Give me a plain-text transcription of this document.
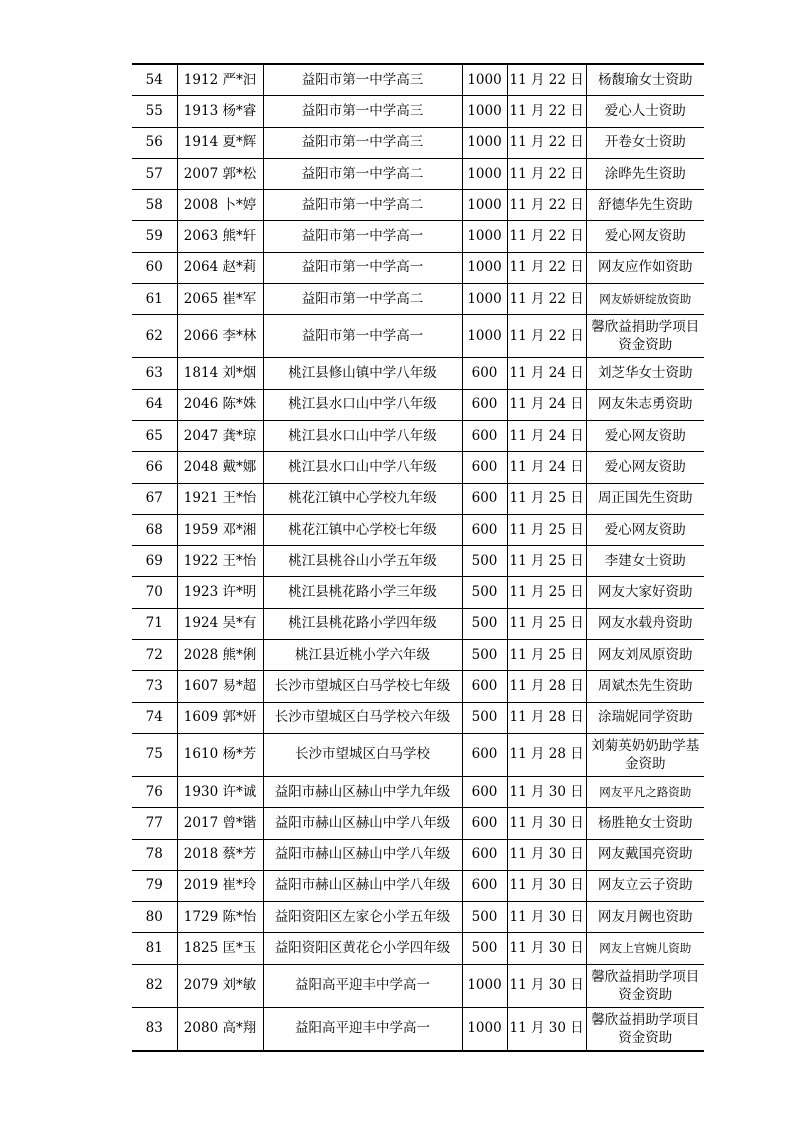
54	1912 严*汩	益阳市第一中学高三	1000	11 月 22 日	杨馥瑜女士资助
55	1913 杨*睿	益阳市第一中学高三	1000	11 月 22 日	爱心人士资助
56	1914 夏*辉	益阳市第一中学高三	1000	11 月 22 日	开卷女士资助
57	2007 郭*松	益阳市第一中学高二	1000	11 月 22 日	涂晔先生资助
58	2008 卜*婷	益阳市第一中学高二	1000	11 月 22 日	舒德华先生资助
59	2063 熊*轩	益阳市第一中学高一	1000	11 月 22 日	爱心网友资助
60	2064 赵*莉	益阳市第一中学高一	1000	11 月 22 日	网友应作如资助
61	2065 崔*军	益阳市第一中学高二	1000	11 月 22 日	网友娇妍绽放资助
62	2066 李*林	益阳市第一中学高一	1000	11 月 22 日	馨欣益捐助学项目资金资助
63	1814 刘*烟	桃江县修山镇中学八年级	600	11 月 24 日	刘芝华女士资助
64	2046 陈*姝	桃江县水口山中学八年级	600	11 月 24 日	网友朱志勇资助
65	2047 龚*琼	桃江县水口山中学八年级	600	11 月 24 日	爱心网友资助
66	2048 戴*娜	桃江县水口山中学八年级	600	11 月 24 日	爱心网友资助
67	1921 王*怡	桃花江镇中心学校九年级	600	11 月 25 日	周正国先生资助
68	1959 邓*湘	桃花江镇中心学校七年级	600	11 月 25 日	爱心网友资助
69	1922 王*怡	桃江县桃谷山小学五年级	500	11 月 25 日	李建女士资助
70	1923 许*明	桃江县桃花路小学三年级	500	11 月 25 日	网友大家好资助
71	1924 吴*有	桃江县桃花路小学四年级	500	11 月 25 日	网友水载舟资助
72	2028 熊*俐	桃江县近桃小学六年级	500	11 月 25 日	网友刘凤原资助
73	1607 易*超	长沙市望城区白马学校七年级	600	11 月 28 日	周斌杰先生资助
74	1609 郭*妍	长沙市望城区白马学校六年级	500	11 月 28 日	涂瑞妮同学资助
75	1610 杨*芳	长沙市望城区白马学校	600	11 月 28 日	刘菊英奶奶助学基金资助
76	1930 许*诚	益阳市赫山区赫山中学九年级	600	11 月 30 日	网友平凡之路资助
77	2017 曾*锴	益阳市赫山区赫山中学八年级	600	11 月 30 日	杨胜艳女士资助
78	2018 蔡*芳	益阳市赫山区赫山中学八年级	600	11 月 30 日	网友戴国亮资助
79	2019 崔*玲	益阳市赫山区赫山中学八年级	600	11 月 30 日	网友立云子资助
80	1729 陈*怡	益阳资阳区左家仑小学五年级	500	11 月 30 日	网友月阙也资助
81	1825 匡*玉	益阳资阳区黄花仑小学四年级	500	11 月 30 日	网友上官婉儿资助
82	2079 刘*敏	益阳高平迎丰中学高一	1000	11 月 30 日	馨欣益捐助学项目资金资助
83	2080 高*翔	益阳高平迎丰中学高一	1000	11 月 30 日	馨欣益捐助学项目资金资助
